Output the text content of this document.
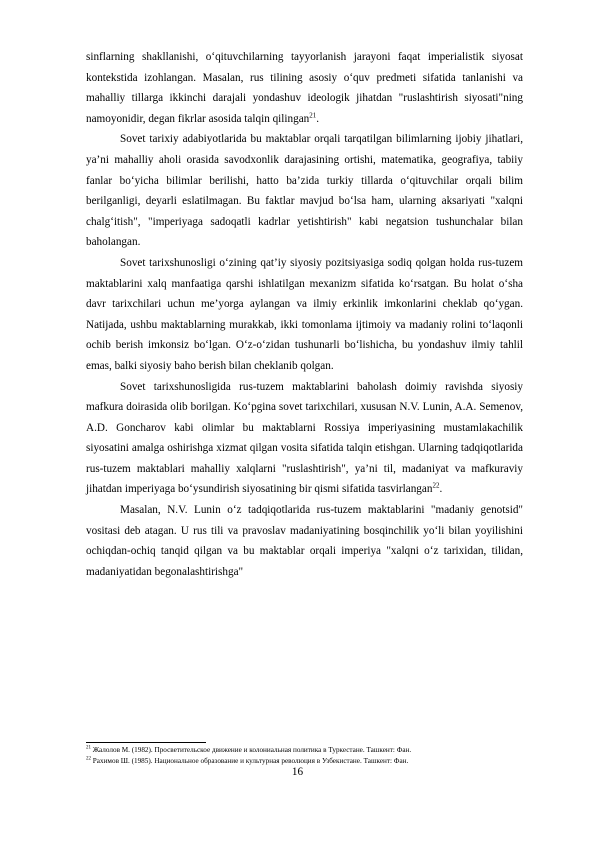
sinflarning shakllanishi, o‘qituvchilarning tayyorlanish jarayoni faqat imperialistik siyosat kontekstida izohlangan. Masalan, rus tilining asosiy o‘quv predmeti sifatida tanlanishi va mahalliy tillarga ikkinchi darajali yondashuv ideologik jihatdan "ruslashtirish siyosati"ning namoyonidir, degan fikrlar asosida talqin qilingan$^{21}$.

Sovet tarixiy adabiyotlarida bu maktablar orqali tarqatilgan bilimlarning ijobiy jihatlari, ya’ni mahalliy aholi orasida savodxonlik darajasining ortishi, matematika, geografiya, tabiiy fanlar bo‘yicha bilimlar berilishi, hatto ba’zida turkiy tillarda o‘qituvchilar orqali bilim berilganligi, deyarli eslatilmagan. Bu faktlar mavjud bo‘lsa ham, ularning aksariyati "xalqni chalg‘itish", "imperiyaga sadoqatli kadrlar yetishtirish" kabi negatsion tushunchalar bilan baholangan.

Sovet tarixshunosligi o‘zining qat’iy siyosiy pozitsiyasiga sodiq qolgan holda rus-tuzem maktablarini xalq manfaatiga qarshi ishlatilgan mexanizm sifatida ko‘rsatgan. Bu holat o‘sha davr tarixchilari uchun me’yorga aylangan va ilmiy erkinlik imkonlarini cheklab qo‘ygan. Natijada, ushbu maktablarning murakkab, ikki tomonlama ijtimoiy va madaniy rolini to‘laqonli ochib berish imkonsiz bo‘lgan. O‘z-o‘zidan tushunarli bo‘lishicha, bu yondashuv ilmiy tahlil emas, balki siyosiy baho berish bilan cheklanib qolgan.

Sovet tarixshunosligida rus-tuzem maktablarini baholash doimiy ravishda siyosiy mafkura doirasida olib borilgan. Ko‘pgina sovet tarixchilari, xususan N.V. Lunin, A.A. Semenov, A.D. Goncharov kabi olimlar bu maktablarni Rossiya imperiyasining mustamlakachilik siyosatini amalga oshirishga xizmat qilgan vosita sifatida talqin etishgan. Ularning tadqiqotlarida rus-tuzem maktablari mahalliy xalqlarni "ruslashtirish", ya’ni til, madaniyat va mafkuraviy jihatdan imperiyaga bo‘ysundirish siyosatining bir qismi sifatida tasvirlangan$^{22}$.

Masalan, N.V. Lunin o‘z tadqiqotlarida rus-tuzem maktablarini "madaniy genotsid" vositasi deb atagan. U rus tili va pravoslav madaniyatining bosqinchilik yo‘li bilan yoyilishini ochiqdan-ochiq tanqid qilgan va bu maktablar orqali imperiya "xalqni o‘z tarixidan, tilidan, madaniyatidan begonalashtirishga"

$^{21}$ Жалолов М. (1982). Просветительское движение и колониальная политика в Туркестане. Ташкент: Фан.
$^{22}$ Рахимов Ш. (1985). Национальное образование и культурная революция в Узбекистане. Ташкент: Фан.
16
